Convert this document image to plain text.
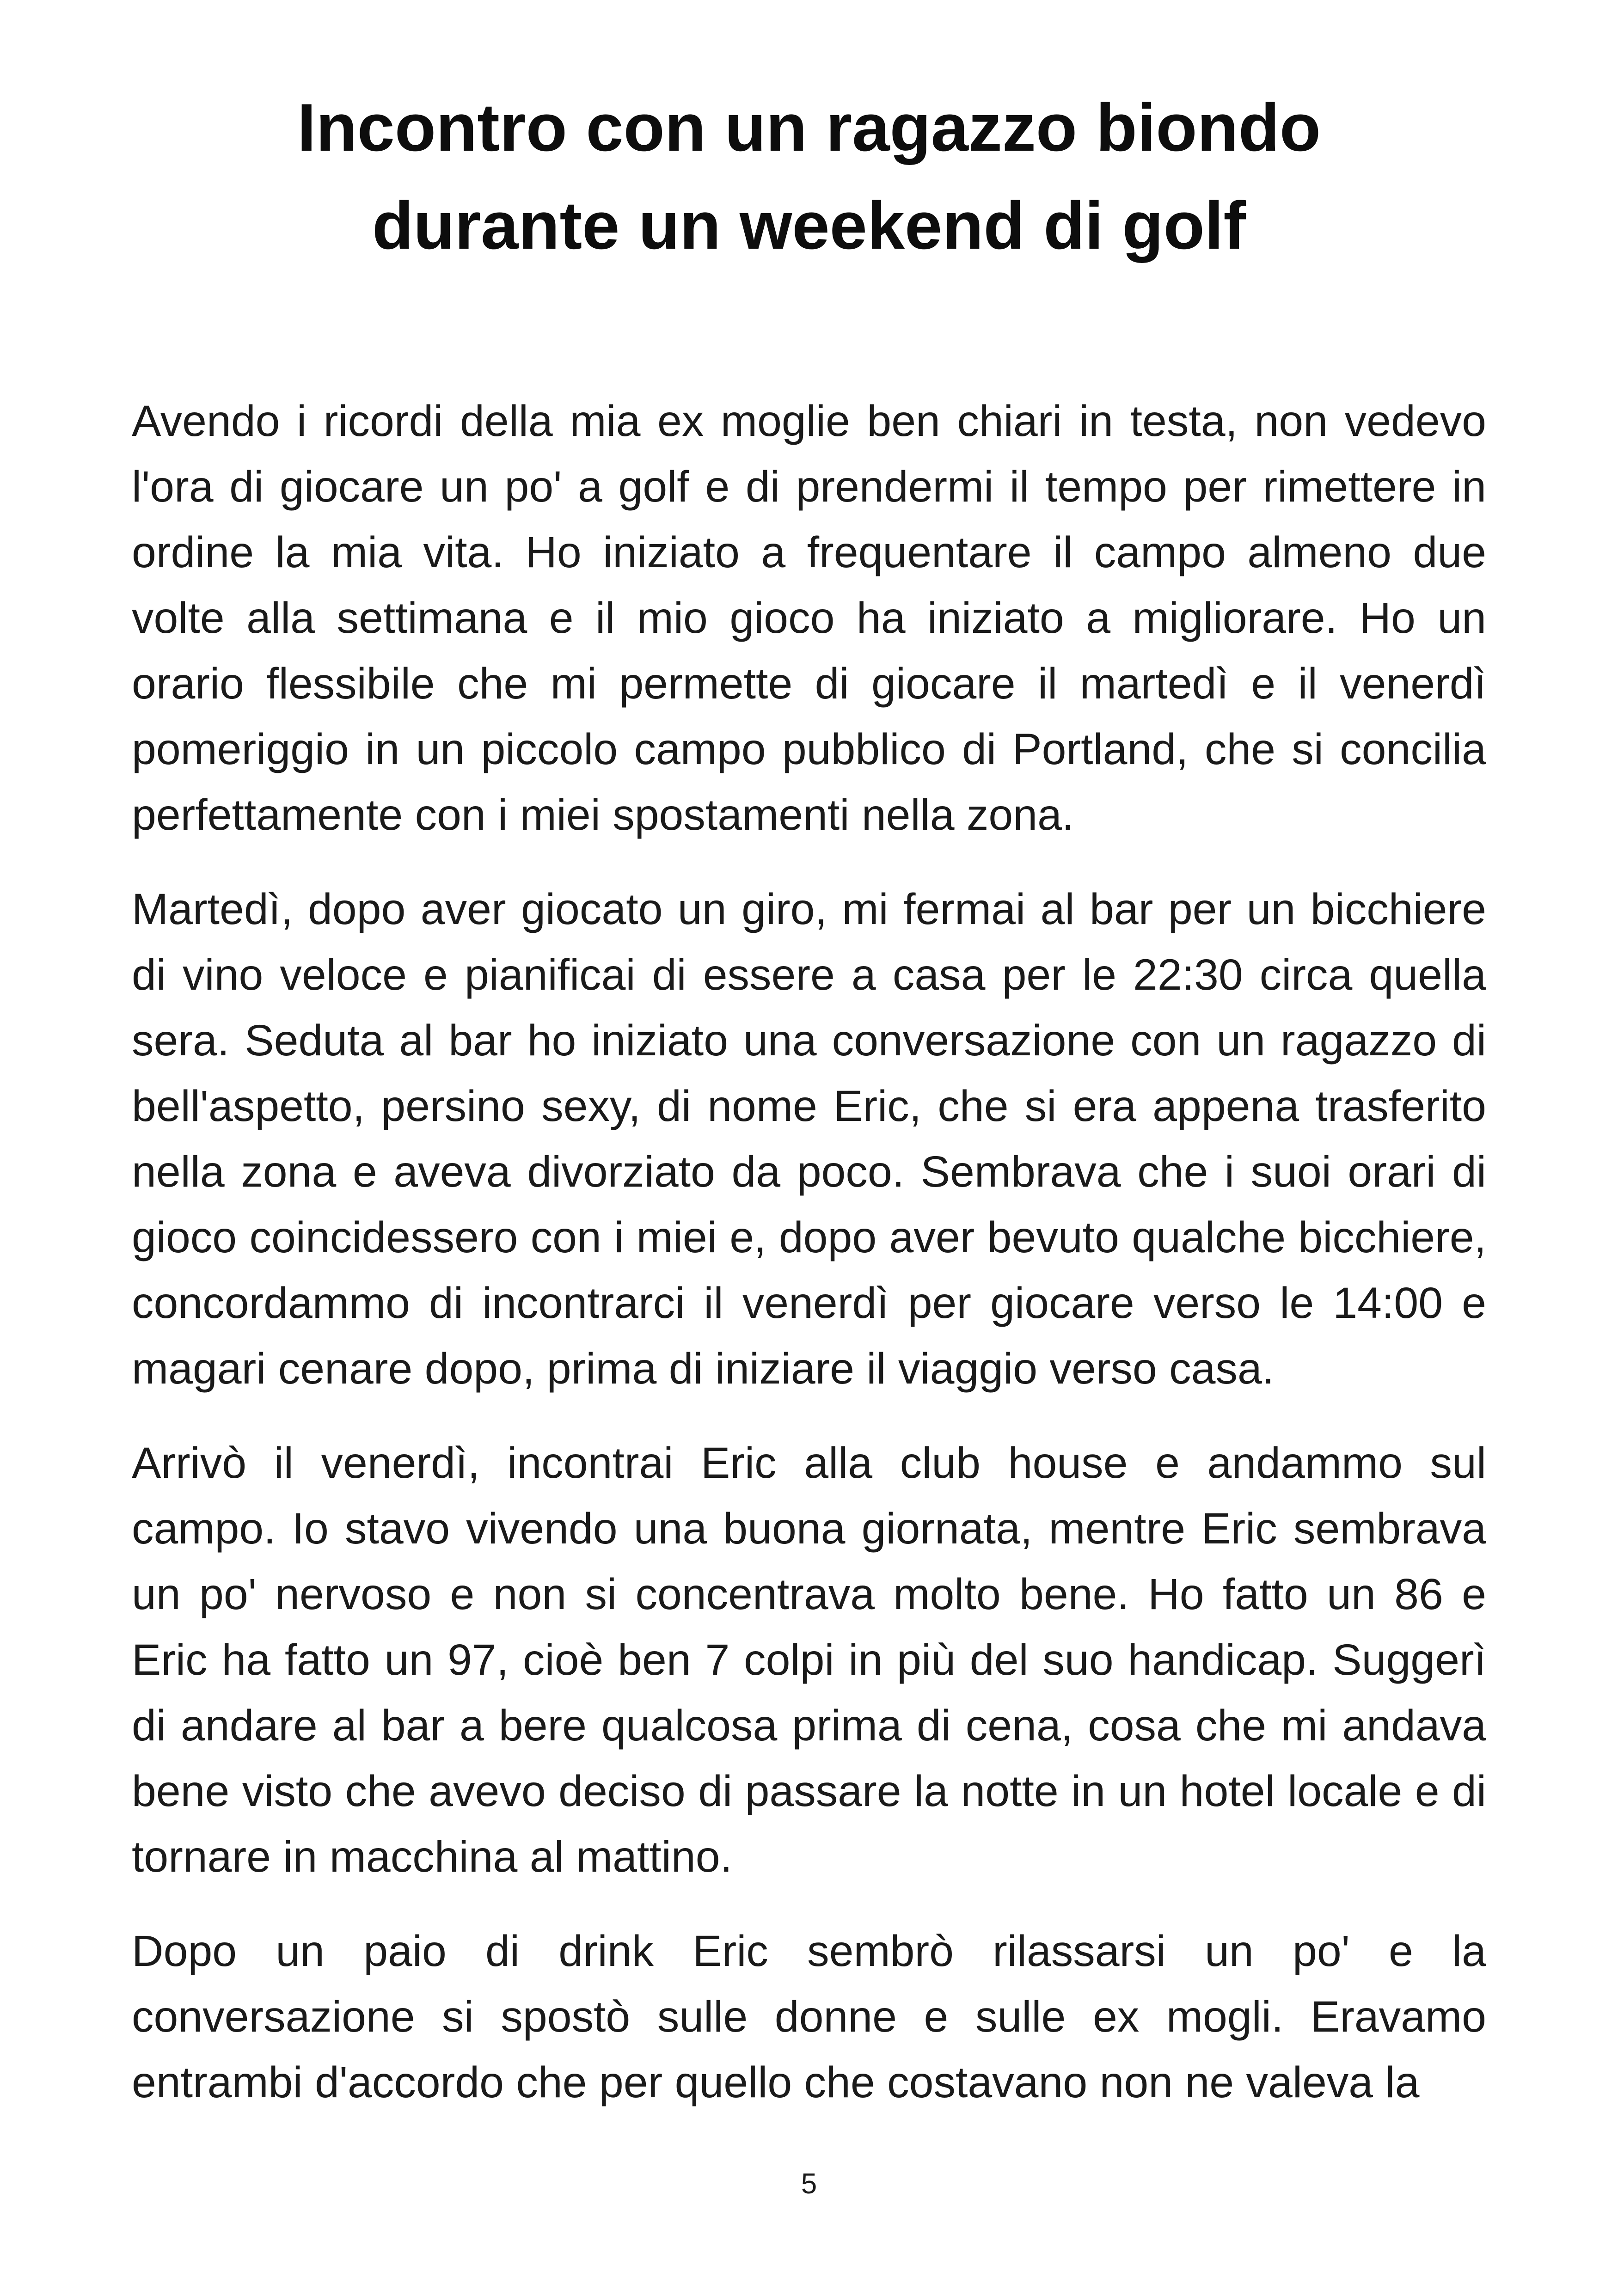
Incontro con un ragazzo biondo
durante un weekend di golf

Avendo i ricordi della mia ex moglie ben chiari in testa, non vedevo l'ora di giocare un po' a golf e di prendermi il tempo per rimettere in ordine la mia vita. Ho iniziato a frequentare il campo almeno due volte alla settimana e il mio gioco ha iniziato a migliorare. Ho un orario flessibile che mi permette di giocare il martedì e il venerdì pomeriggio in un piccolo campo pubblico di Portland, che si concilia perfettamente con i miei spostamenti nella zona.

Martedì, dopo aver giocato un giro, mi fermai al bar per un bicchiere di vino veloce e pianificai di essere a casa per le 22:30 circa quella sera. Seduta al bar ho iniziato una conversazione con un ragazzo di bell'aspetto, persino sexy, di nome Eric, che si era appena trasferito nella zona e aveva divorziato da poco. Sembrava che i suoi orari di gioco coincidessero con i miei e, dopo aver bevuto qualche bicchiere, concordammo di incontrarci il venerdì per giocare verso le 14:00 e magari cenare dopo, prima di iniziare il viaggio verso casa.

Arrivò il venerdì, incontrai Eric alla club house e andammo sul campo. Io stavo vivendo una buona giornata, mentre Eric sembrava un po' nervoso e non si concentrava molto bene. Ho fatto un 86 e Eric ha fatto un 97, cioè ben 7 colpi in più del suo handicap. Suggerì di andare al bar a bere qualcosa prima di cena, cosa che mi andava bene visto che avevo deciso di passare la notte in un hotel locale e di tornare in macchina al mattino.

Dopo un paio di drink Eric sembrò rilassarsi un po' e la conversazione si spostò sulle donne e sulle ex mogli. Eravamo entrambi d'accordo che per quello che costavano non ne valeva la

5
